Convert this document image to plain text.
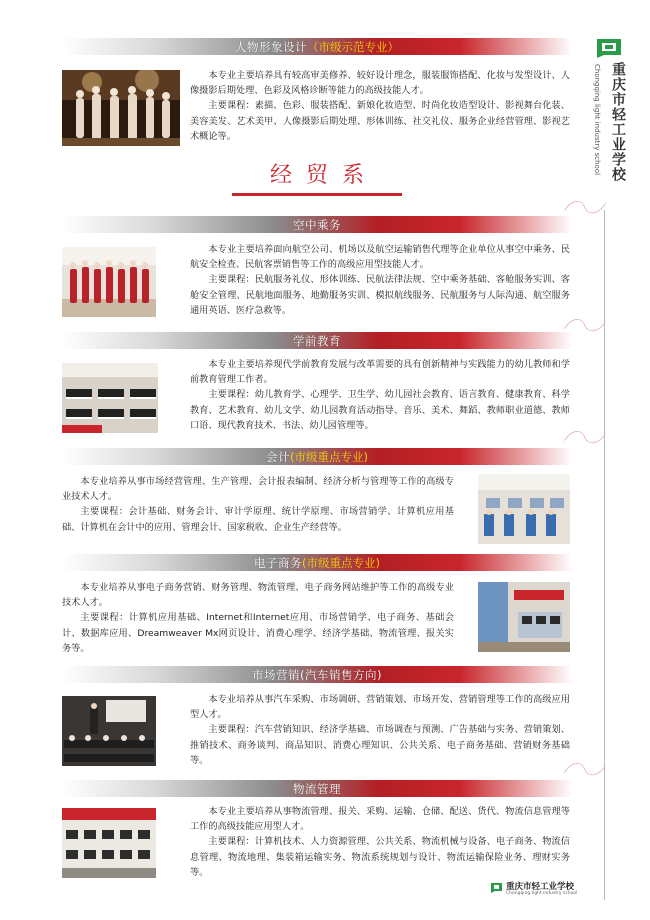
重庆市轻工业学校
Chongqing light industry school
人物形象设计 （市级示范专业）

本专业主要培养具有较高审美修养、较好设计理念，服装服饰搭配、化妆与发型设计、人像摄影后期处理、色彩及风格诊断等能力的高级技能人才。

主要课程：素描、色彩、服装搭配、新娘化妆造型、时尚化妆造型设计、影视舞台化装、美容美发、艺术美甲、人像摄影后期处理、形体训练、社交礼仪、服务企业经营管理、影视艺术概论等。

经贸系
空中乘务

本专业主要培养面向航空公司、机场以及航空运输销售代理等企业单位从事空中乘务、民航安全检查、民航客票销售等工作的高级应用型技能人才。

主要课程：民航服务礼仪、形体训练、民航法律法规、空中乘务基础、客舱服务实训、客舱安全管理、民航地面服务、地勤服务实训、模拟航线服务、民航服务与人际沟通、航空服务通用英语、医疗急救等。

学前教育

本专业主要培养现代学前教育发展与改革需要的具有创新精神与实践能力的幼儿教师和学前教育管理工作者。

主要课程：幼儿教育学、心理学、卫生学、幼儿园社会教育、语言教育、健康教育、科学教育、艺术教育、幼儿文学、幼儿园教育活动指导、音乐、美术、舞蹈、教师职业道德、教师口语、现代教育技术、书法、幼儿园管理等。

会计 (市级重点专业)

本专业培养从事市场经营管理、生产管理、会计报表编制、经济分析与管理等工作的高级专业技术人才。

主要课程：会计基础、财务会计、审计学原理、统计学原理、市场营销学、计算机应用基础、计算机在会计中的应用、管理会计、国家税收、企业生产经营等。

电子商务 (市级重点专业)

本专业培养从事电子商务营销、财务管理、物流管理、电子商务网站维护等工作的高级专业技术人才。

主要课程：计算机应用基础、Internet和Internet应用、市场营销学、电子商务、基础会计、数据库应用、Dreamweaver Mx网页设计、消费心理学、经济学基础、物流管理、报关实务等。

市场营销(汽车销售方向)

本专业培养从事汽车采购、市场调研、营销策划、市场开发、营销管理等工作的高级应用型人才。

主要课程：汽车营销知识、经济学基础、市场调查与预测、广告基础与实务、营销策划、推销技术、商务谈判、商品知识、消费心理知识、公共关系、电子商务基础、营销财务基础等。

物流管理

本专业主要培养从事物流管理、报关、采购、运输、仓储、配送、货代、物流信息管理等工作的高级技能应用型人才。

主要课程：计算机技术、人力资源管理、公共关系、物流机械与设备、电子商务、物流信息管理、物流地理、集装箱运输实务、物流系统规划与设计、物流运输保险业务、理财实务等。

重庆市轻工业学校
Chongqing light industry school
